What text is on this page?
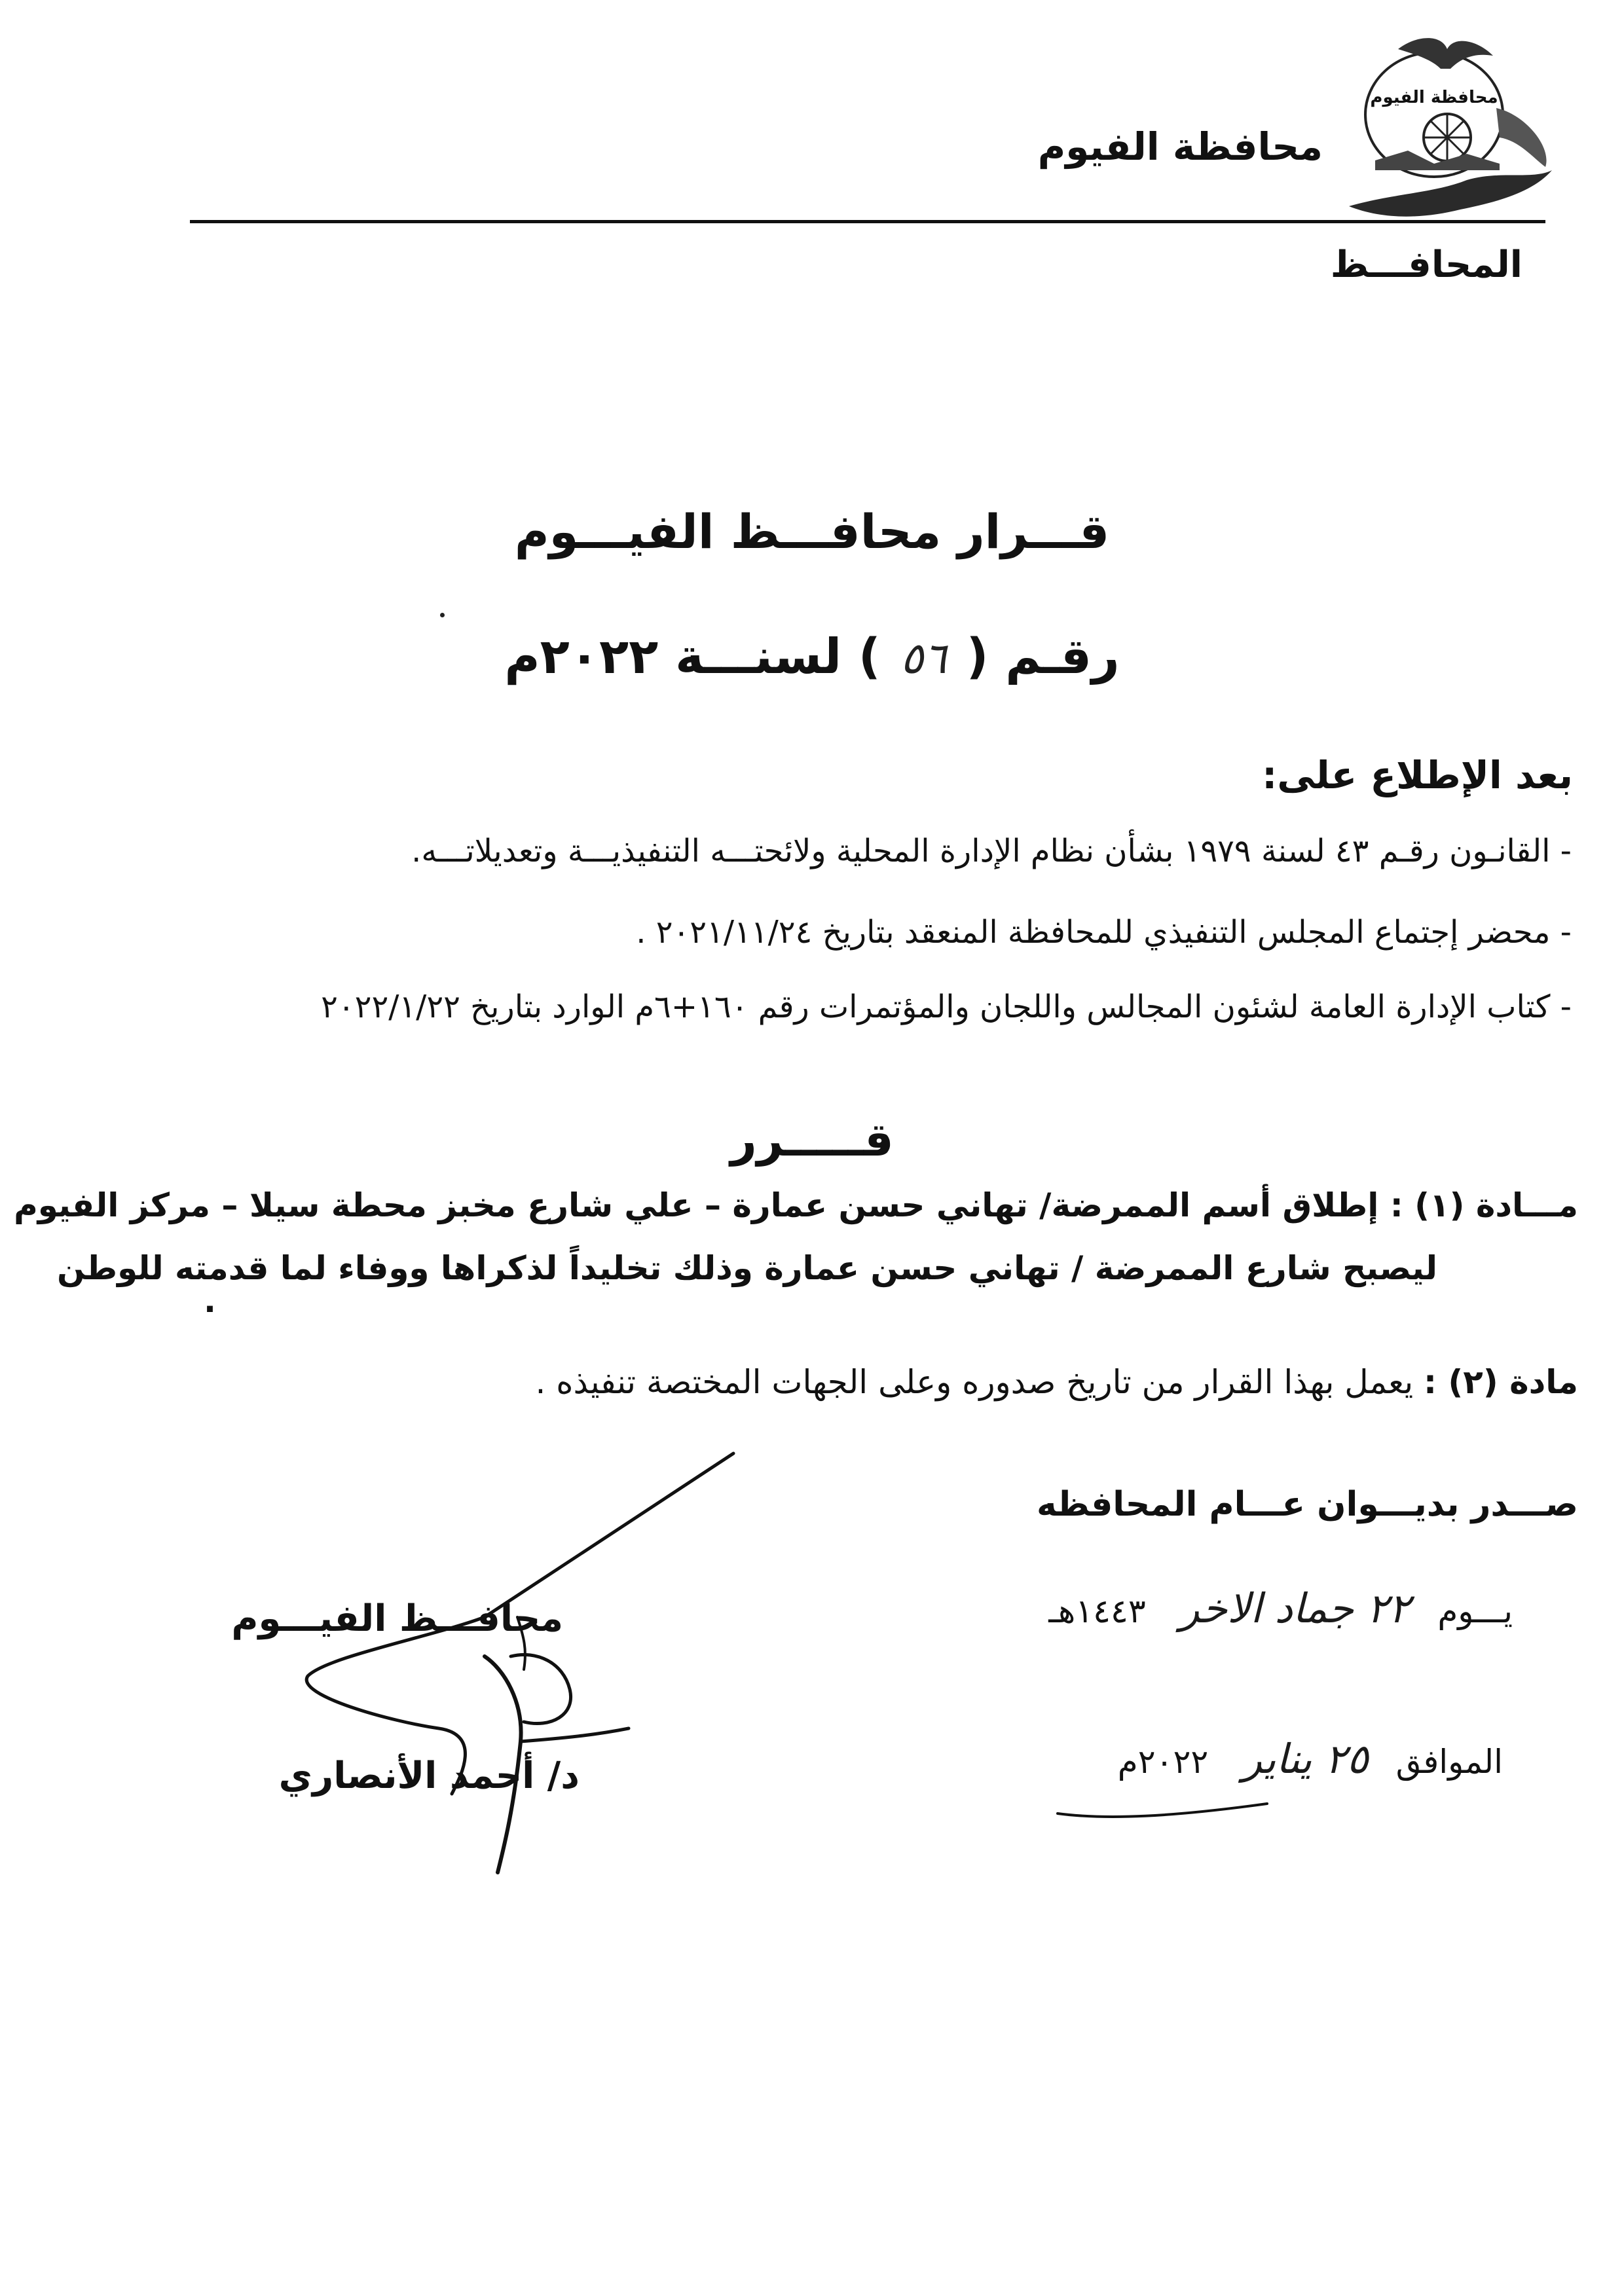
محافظة الفيوم
محافظة الفيوم
المحافـــظ
قـــرار محافـــظ الفيـــوم
رقـم (٥٦) لسنـــة ٢٠٢٢م
بعد الإطلاع على:
- القانـون رقـم ٤٣ لسنة ١٩٧٩ بشأن نظام الإدارة المحلية ولائحتـــه التنفيذيـــة وتعديلاتـــه.
- محضر إجتماع المجلس التنفيذي للمحافظة المنعقد بتاريخ ٢٠٢١/١١/٢٤ .
- كتاب الإدارة العامة لشئون المجالس واللجان والمؤتمرات رقم ١٦٠+٦م الوارد بتاريخ ٢٠٢٢/١/٢٢
قـــــرر
مـــادة (١) : إطلاق أسم الممرضة/ تهاني حسن عمارة – علي شارع مخبز محطة سيلا – مركز الفيوم
ليصبح شارع الممرضة / تهاني حسن عمارة وذلك تخليداً لذكراها ووفاء لما قدمته للوطن
.
مادة (٢) : يعمل بهذا القرار من تاريخ صدوره وعلى الجهات المختصة تنفيذه .
صـــدر بديـــوان عـــام المحافظه
يـــوم ٢٢ جماد الاخر ١٤٤٣هـ
الموافق ٢٥ يناير ٢٠٢٢م
محافـــظ الفيـــوم
د/ أحمد الأنصاري
